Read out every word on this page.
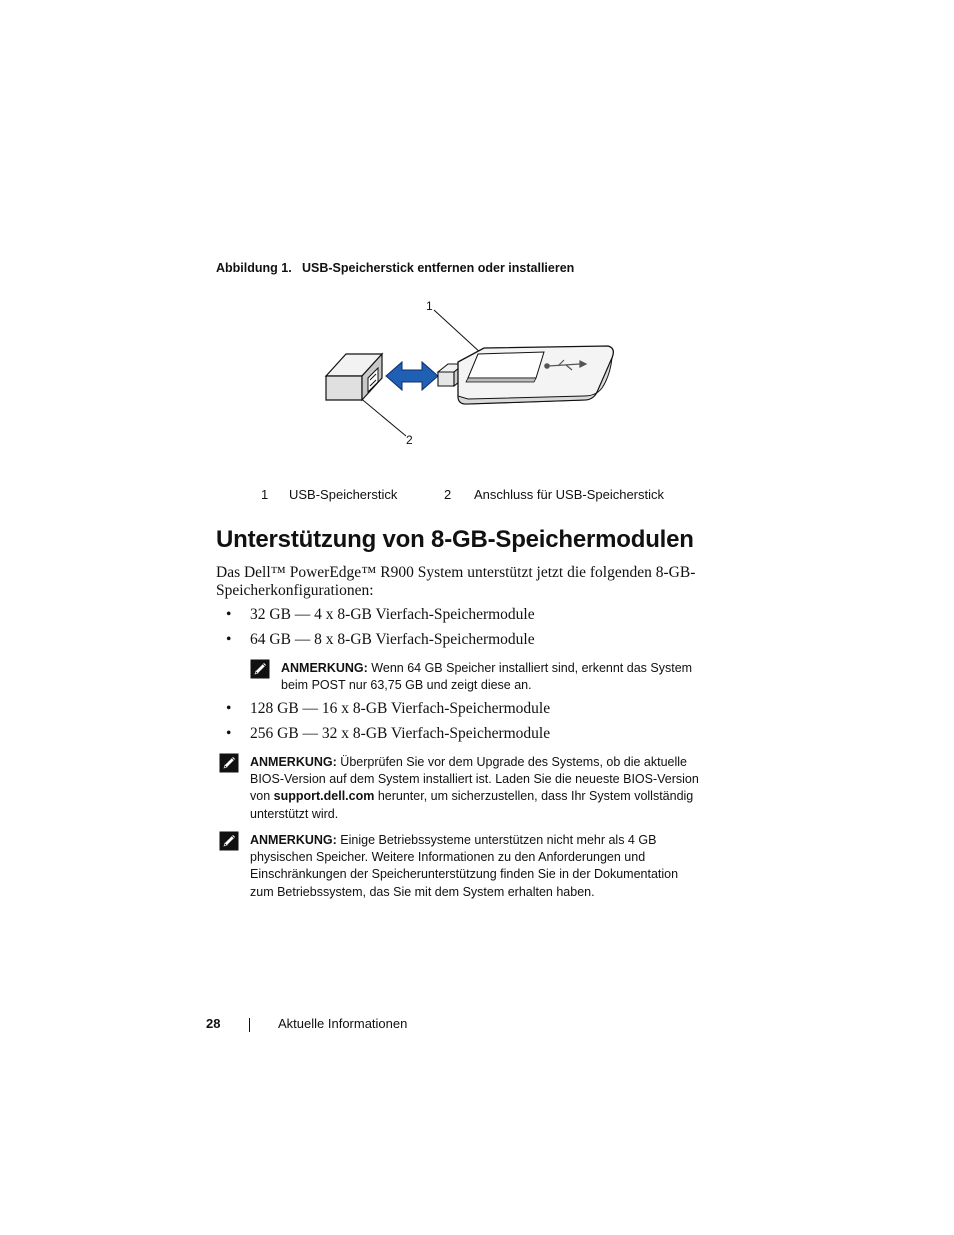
Abbildung 1. USB-Speicherstick entfernen oder installieren
1
2
1 USB-Speicherstick	2 Anschluss für USB-Speicherstick
Unterstützung von 8-GB-Speichermodulen
Das Dell™ PowerEdge™ R900 System unterstützt jetzt die folgenden 8-GB-Speicherkonfigurationen:
• 32 GB — 4 x 8-GB Vierfach-Speichermodule
• 64 GB — 8 x 8-GB Vierfach-Speichermodule
ANMERKUNG: Wenn 64 GB Speicher installiert sind, erkennt das System beim POST nur 63,75 GB und zeigt diese an.
• 128 GB — 16 x 8-GB Vierfach-Speichermodule
• 256 GB — 32 x 8-GB Vierfach-Speichermodule
ANMERKUNG: Überprüfen Sie vor dem Upgrade des Systems, ob die aktuelle BIOS-Version auf dem System installiert ist. Laden Sie die neueste BIOS-Version von support.dell.com herunter, um sicherzustellen, dass Ihr System vollständig unterstützt wird.
ANMERKUNG: Einige Betriebssysteme unterstützen nicht mehr als 4 GB physischen Speicher. Weitere Informationen zu den Anforderungen und Einschränkungen der Speicherunterstützung finden Sie in der Dokumentation zum Betriebssystem, das Sie mit dem System erhalten haben.
28	Aktuelle Informationen
